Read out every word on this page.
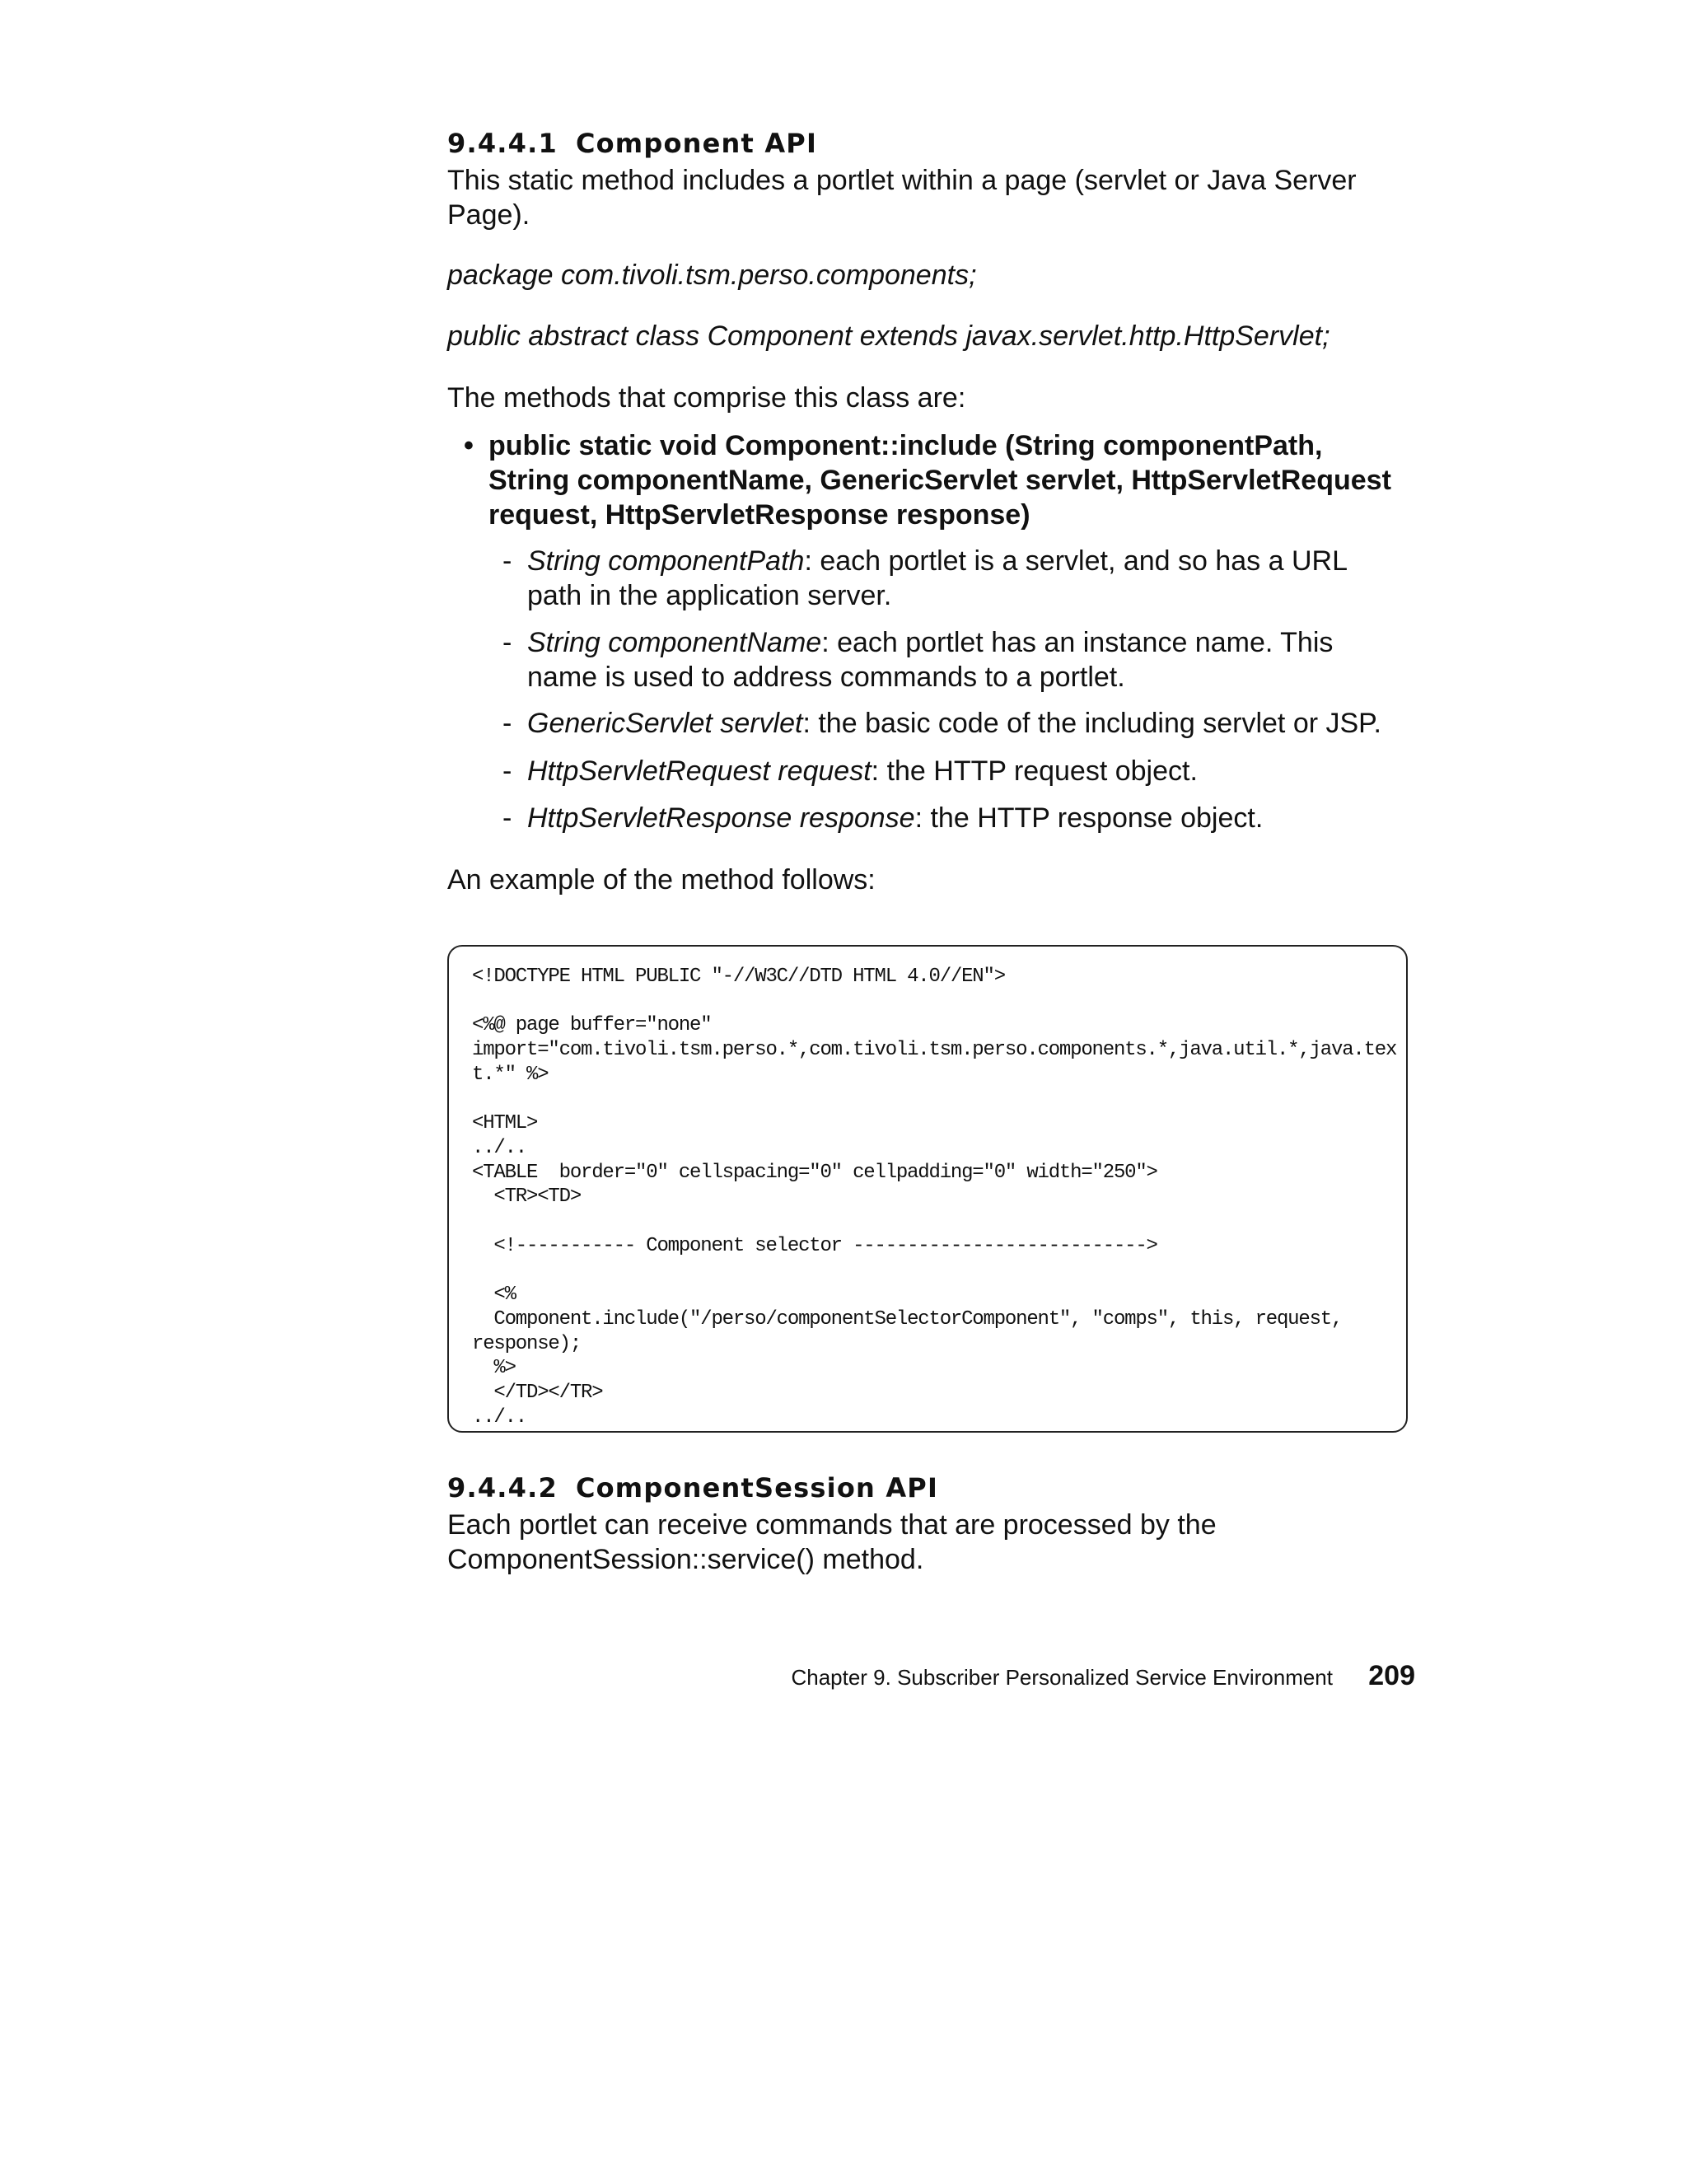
9.4.4.1 Component API

This static method includes a portlet within a page (servlet or Java Server Page).

package com.tivoli.tsm.perso.components;

public abstract class Component extends javax.servlet.http.HttpServlet;

The methods that comprise this class are:

• public static void Component::include (String componentPath, String componentName, GenericServlet servlet, HttpServletRequest request, HttpServletResponse response)
- String componentPath: each portlet is a servlet, and so has a URL path in the application server.
- String componentName: each portlet has an instance name. This name is used to address commands to a portlet.
- GenericServlet servlet: the basic code of the including servlet or JSP.
- HttpServletRequest request: the HTTP request object.
- HttpServletResponse response: the HTTP response object.

An example of the method follows:

<!DOCTYPE HTML PUBLIC "-//W3C//DTD HTML 4.0//EN">

<%@ page buffer="none"
import="com.tivoli.tsm.perso.*,com.tivoli.tsm.perso.components.*,java.util.*,java.tex
t.*" %>

<HTML>
../..
<TABLE  border="0" cellspacing="0" cellpadding="0" width="250">
<TR><TD>

<!----------- Component selector --------------------------->

<%
Component.include("/perso/componentSelectorComponent", "comps", this, request,
response);
%>
</TD></TR>
../..
9.4.4.2 ComponentSession API

Each portlet can receive commands that are processed by the ComponentSession::service() method.

Chapter 9. Subscriber Personalized Service Environment 209
